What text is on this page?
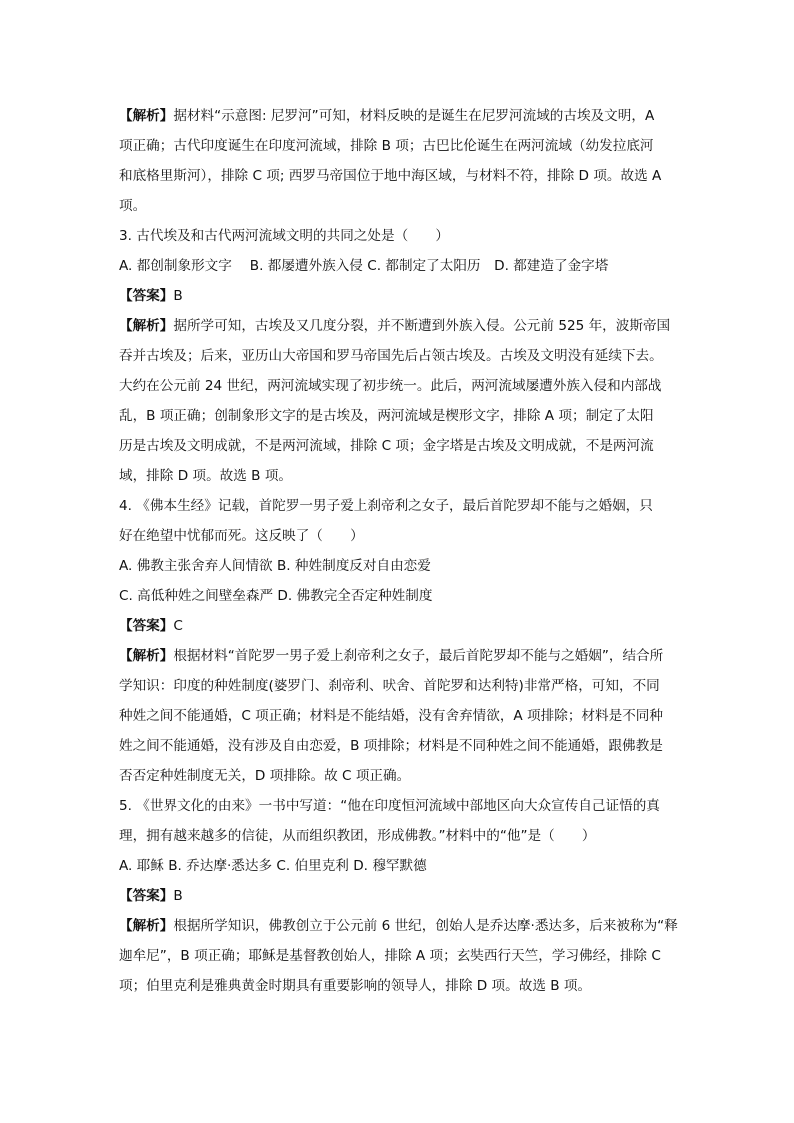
【解析】据材料“示意图: 尼罗河”可知，材料反映的是诞生在尼罗河流域的古埃及文明，A
项正确；古代印度诞生在印度河流域，排除 B 项；古巴比伦诞生在两河流域（幼发拉底河
和底格里斯河），排除 C 项; 西罗马帝国位于地中海区域，与材料不符，排除 D 项。故选 A
项。
3. 古代埃及和古代两河流域文明的共同之处是（　　）
A. 都创制象形文字　 B. 都屡遭外族入侵 C. 都制定了太阳历　D. 都建造了金字塔
【答案】B
【解析】据所学可知，古埃及又几度分裂，并不断遭到外族入侵。公元前 525 年，波斯帝国
吞并古埃及；后来，亚历山大帝国和罗马帝国先后占领古埃及。古埃及文明没有延续下去。
大约在公元前 24 世纪，两河流域实现了初步统一。此后，两河流域屡遭外族入侵和内部战
乱，B 项正确；创制象形文字的是古埃及，两河流域是楔形文字，排除 A 项；制定了太阳
历是古埃及文明成就，不是两河流域，排除 C 项；金字塔是古埃及文明成就，不是两河流
域，排除 D 项。故选 B 项。
4. 《佛本生经》记载，首陀罗一男子爱上刹帝利之女子，最后首陀罗却不能与之婚姻，只
好在绝望中忧郁而死。这反映了（　　）
A. 佛教主张舍弃人间情欲 B. 种姓制度反对自由恋爱
C. 高低种姓之间壁垒森严 D. 佛教完全否定种姓制度
【答案】C
【解析】根据材料“首陀罗一男子爱上刹帝利之女子，最后首陀罗却不能与之婚姻”，结合所
学知识：印度的种姓制度(婆罗门、刹帝利、吠舍、首陀罗和达利特)非常严格，可知，不同
种姓之间不能通婚，C 项正确；材料是不能结婚，没有舍弃情欲，A 项排除；材料是不同种
姓之间不能通婚，没有涉及自由恋爱，B 项排除；材料是不同种姓之间不能通婚，跟佛教是
否否定种姓制度无关，D 项排除。故 C 项正确。
5. 《世界文化的由来》一书中写道：“他在印度恒河流域中部地区向大众宣传自己证悟的真
理，拥有越来越多的信徒，从而组织教团，形成佛教。”材料中的“他”是（　　）
A. 耶稣 B. 乔达摩·悉达多 C. 伯里克利 D. 穆罕默德
【答案】B
【解析】根据所学知识，佛教创立于公元前 6 世纪，创始人是乔达摩·悉达多，后来被称为“释
迦牟尼”，B 项正确；耶稣是基督教创始人，排除 A 项；玄奘西行天竺，学习佛经，排除 C
项；伯里克利是雅典黄金时期具有重要影响的领导人，排除 D 项。故选 B 项。
